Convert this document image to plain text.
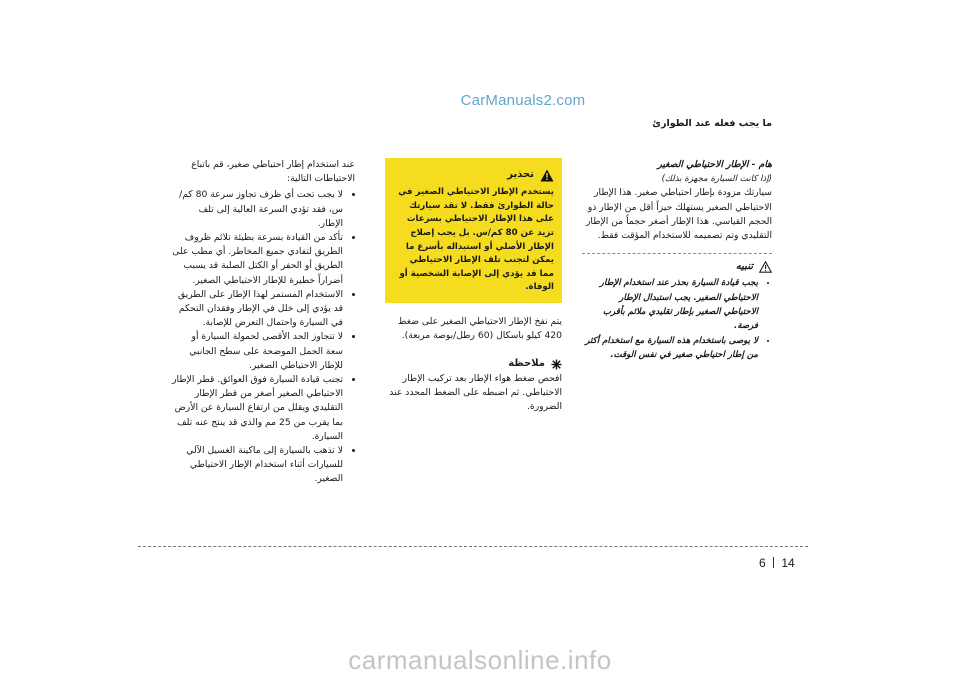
CarManuals2.com
ما يجب فعله عند الطوارئ
هام - الإطار الاحتياطي الصغير
(إذا كانت السيارة مجهزة بذلك)

سيارتك مزودة بإطار احتياطي صغير. هذا الإطار الاحتياطي الصغير يستهلك حيزاً أقل من الإطار ذو الحجم القياسي. هذا الإطار أصغر حجماً من الإطار التقليدي وتم تصميمه للاستخدام المؤقت فقط.

تنبيه
• يجب قيادة السيارة بحذر عند استخدام الإطار الاحتياطي الصغير. يجب استبدال الإطار الاحتياطي الصغير بإطار تقليدي ملائم بأقرب فرصة.
• لا يوصى باستخدام هذه السيارة مع استخدام أكثر من إطار احتياطي صغير في نفس الوقت.
تحذير
يستخدم الإطار الاحتياطي الصغير في حالة الطوارئ فقط. لا تقد سيارتك على هذا الإطار الاحتياطي بسرعات تزيد عن 80 كم/س. بل يجب إصلاح الإطار الأصلي أو استبداله بأسرع ما يمكن لتجنب تلف الإطار الاحتياطي مما قد يؤدي إلى الإصابة الشخصية أو الوفاة.

يتم نفخ الإطار الاحتياطي الصغير على ضغط 420 كيلو باسكال (60 رطل/بوصة مربعة).

ملاحظة

افحص ضغط هواء الإطار بعد تركيب الإطار الاحتياطي. ثم اضبطه على الضغط المحدد عند الضرورة.

عند استخدام إطار احتياطي صغير، قم باتباع الاحتياطات التالية:

• لا يجب تحت أي ظرف تجاوز سرعة 80 كم/س، فقد تؤدي السرعة العالية إلى تلف الإطار.
• تأكد من القيادة بسرعة بطيئة تلائم ظروف الطريق لتفادي جميع المخاطر. أي مطب على الطريق أو الحفر أو الكتل الصلبة قد يسبب أضراراً خطيرة للإطار الاحتياطي الصغير.
• الاستخدام المستمر لهذا الإطار على الطريق قد يؤدي إلى خلل في الإطار وفقدان التحكم في السيارة واحتمال التعرض للإصابة.
• لا تتجاوز الحد الأقصى لحمولة السيارة أو سعة الحمل الموضحة على سطح الجانبي للإطار الاحتياطي الصغير.
• تجنب قيادة السيارة فوق العوائق. قطر الإطار الاحتياطي الصغير أصغر من قطر الإطار التقليدي ويقلل من ارتفاع السيارة عن الأرض بما يقرب من 25 مم والذي قد ينتج عنه تلف السيارة.
• لا تذهب بالسيارة إلى ماكينة الغسيل الآلي للسيارات أثناء استخدام الإطار الاحتياطي الصغير.
6 14
carmanualsonline.info
